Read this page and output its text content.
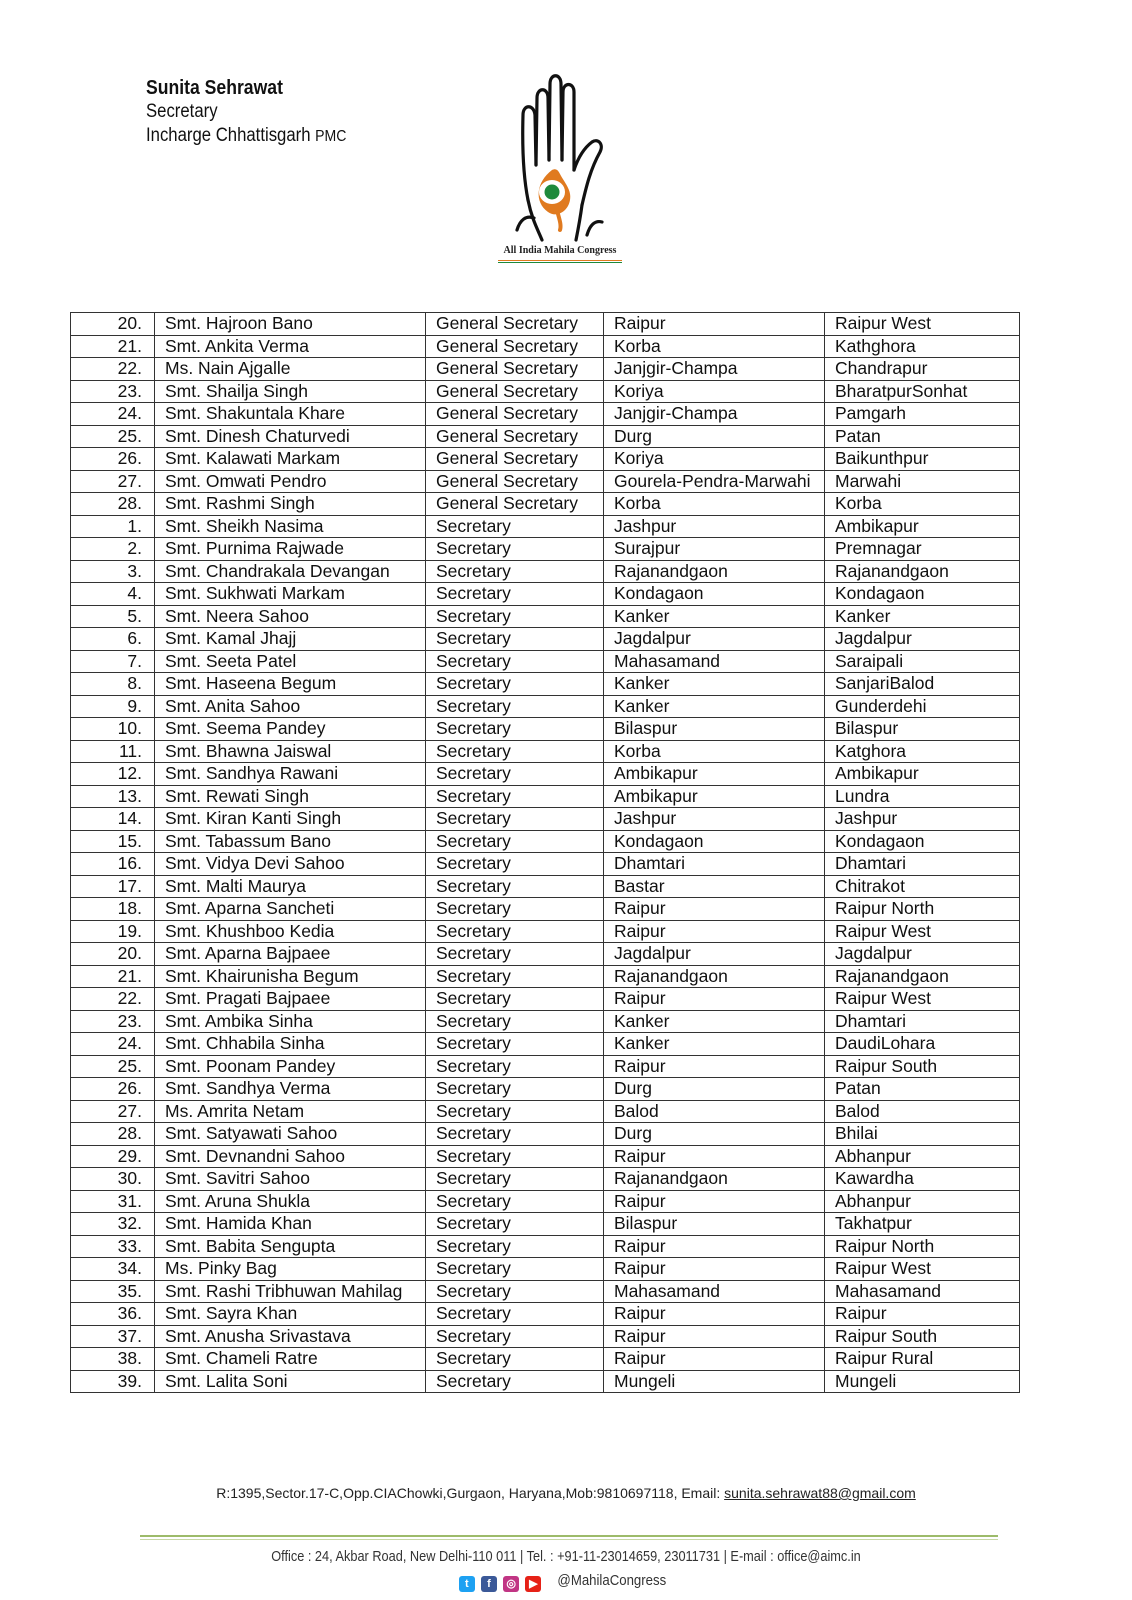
Sunita Sehrawat
Secretary
Incharge Chhattisgarh PMC
All India Mahila Congress
20.	Smt. Hajroon Bano	General Secretary	Raipur	Raipur West
21.	Smt. Ankita Verma	General Secretary	Korba	Kathghora
22.	Ms. Nain Ajgalle	General Secretary	Janjgir-Champa	Chandrapur
23.	Smt. Shailja Singh	General Secretary	Koriya	BharatpurSonhat
24.	Smt. Shakuntala Khare	General Secretary	Janjgir-Champa	Pamgarh
25.	Smt. Dinesh Chaturvedi	General Secretary	Durg	Patan
26.	Smt. Kalawati Markam	General Secretary	Koriya	Baikunthpur
27.	Smt. Omwati Pendro	General Secretary	Gourela-Pendra-Marwahi	Marwahi
28.	Smt. Rashmi Singh	General Secretary	Korba	Korba
1.	Smt. Sheikh Nasima	Secretary	Jashpur	Ambikapur
2.	Smt. Purnima Rajwade	Secretary	Surajpur	Premnagar
3.	Smt. Chandrakala Devangan	Secretary	Rajanandgaon	Rajanandgaon
4.	Smt. Sukhwati Markam	Secretary	Kondagaon	Kondagaon
5.	Smt. Neera Sahoo	Secretary	Kanker	Kanker
6.	Smt. Kamal Jhajj	Secretary	Jagdalpur	Jagdalpur
7.	Smt. Seeta Patel	Secretary	Mahasamand	Saraipali
8.	Smt. Haseena Begum	Secretary	Kanker	SanjariBalod
9.	Smt. Anita Sahoo	Secretary	Kanker	Gunderdehi
10.	Smt. Seema Pandey	Secretary	Bilaspur	Bilaspur
11.	Smt. Bhawna Jaiswal	Secretary	Korba	Katghora
12.	Smt. Sandhya Rawani	Secretary	Ambikapur	Ambikapur
13.	Smt. Rewati Singh	Secretary	Ambikapur	Lundra
14.	Smt. Kiran Kanti Singh	Secretary	Jashpur	Jashpur
15.	Smt. Tabassum Bano	Secretary	Kondagaon	Kondagaon
16.	Smt. Vidya Devi Sahoo	Secretary	Dhamtari	Dhamtari
17.	Smt. Malti Maurya	Secretary	Bastar	Chitrakot
18.	Smt. Aparna Sancheti	Secretary	Raipur	Raipur North
19.	Smt. Khushboo Kedia	Secretary	Raipur	Raipur West
20.	Smt. Aparna Bajpaee	Secretary	Jagdalpur	Jagdalpur
21.	Smt. Khairunisha Begum	Secretary	Rajanandgaon	Rajanandgaon
22.	Smt. Pragati Bajpaee	Secretary	Raipur	Raipur West
23.	Smt. Ambika Sinha	Secretary	Kanker	Dhamtari
24.	Smt. Chhabila Sinha	Secretary	Kanker	DaudiLohara
25.	Smt. Poonam Pandey	Secretary	Raipur	Raipur South
26.	Smt. Sandhya Verma	Secretary	Durg	Patan
27.	Ms. Amrita Netam	Secretary	Balod	Balod
28.	Smt. Satyawati Sahoo	Secretary	Durg	Bhilai
29.	Smt. Devnandni Sahoo	Secretary	Raipur	Abhanpur
30.	Smt. Savitri Sahoo	Secretary	Rajanandgaon	Kawardha
31.	Smt. Aruna Shukla	Secretary	Raipur	Abhanpur
32.	Smt. Hamida Khan	Secretary	Bilaspur	Takhatpur
33.	Smt. Babita Sengupta	Secretary	Raipur	Raipur North
34.	Ms. Pinky Bag	Secretary	Raipur	Raipur West
35.	Smt. Rashi Tribhuwan Mahilag	Secretary	Mahasamand	Mahasamand
36.	Smt. Sayra Khan	Secretary	Raipur	Raipur
37.	Smt. Anusha Srivastava	Secretary	Raipur	Raipur South
38.	Smt. Chameli Ratre	Secretary	Raipur	Raipur Rural
39.	Smt. Lalita Soni	Secretary	Mungeli	Mungeli
R:1395,Sector.17-C,Opp.CIAChowki,Gurgaon, Haryana,Mob:9810697118, Email: sunita.sehrawat88@gmail.com
Office : 24, Akbar Road, New Delhi-110 011 | Tel. : +91-11-23014659, 23011731 | E-mail : office@aimc.in
t f ◎ ▶ @MahilaCongress
